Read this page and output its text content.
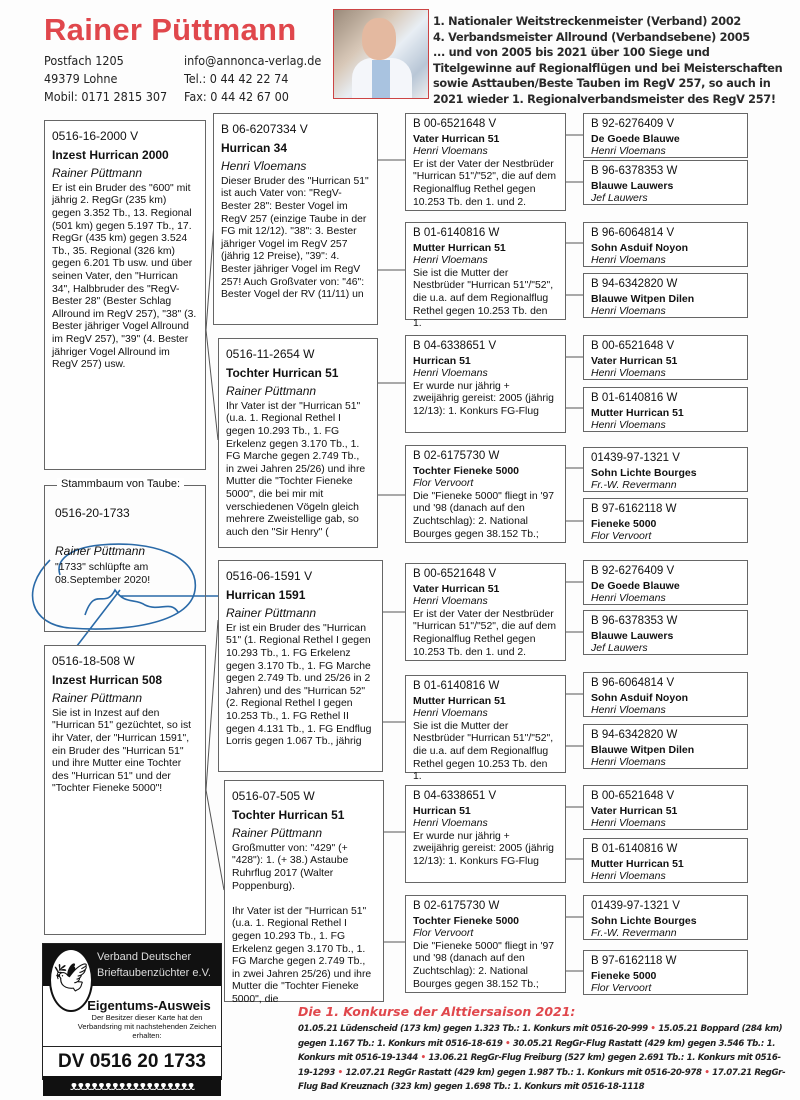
Rainer Püttmann
Postfach 1205
49379 Lohne
Mobil: 0171 2815 307
info@annonca-verlag.de
Tel.: 0 44 42 22 74
Fax: 0 44 42 67 00
1. Nationaler Weitstreckenmeister (Verband) 2002
4. Verbandsmeister Allround (Verbandsebene) 2005
... und von 2005 bis 2021 über 100 Siege und
Titelgewinne auf Regionalflügen und bei Meisterschaften
sowie Asttauben/Beste Tauben im RegV 257, so auch in
2021 wieder 1. Regionalverbandsmeister des RegV 257!
0516-16-2000 V
Inzest Hurrican 2000
Rainer Püttmann
Er ist ein Bruder des "600" mit jährig 2. RegGr (235 km) gegen 3.352 Tb., 13. Regional (501 km) gegen 5.197 Tb., 17. RegGr (435 km) gegen 3.524 Tb., 35. Regional (326 km) gegen 6.201 Tb usw. und über seinen Vater, den "Hurrican 34", Halbbruder des "RegV-Bester 28" (Bester Schlag Allround im RegV 257), "38" (3. Bester jähriger Vogel Allround im RegV 257), "39" (4. Bester jähriger Vogel Allround im RegV 257) usw.
0516-18-508 W
Inzest Hurrican 508
Rainer Püttmann
Sie ist in Inzest auf den "Hurrican 51" gezüchtet, so ist ihr Vater, der "Hurrican 1591", ein Bruder des "Hurrican 51" und ihre Mutter eine Tochter des "Hurrican 51" und der "Tochter Fieneke 5000"!
B 06-6207334 V
Hurrican 34
Henri Vloemans
Dieser Bruder des "Hurrican 51" ist auch Vater von: "RegV-Bester 28": Bester Vogel im RegV 257 (einzige Taube in der FG mit 12/12). "38": 3. Bester jähriger Vogel im RegV 257 (jährig 12 Preise), "39": 4. Bester jähriger Vogel im RegV 257! Auch Großvater von: "46": Bester Vogel der RV (11/11) un
0516-11-2654 W
Tochter Hurrican 51
Rainer Püttmann
Ihr Vater ist der "Hurrican 51" (u.a. 1. Regional Rethel I gegen 10.293 Tb., 1. FG Erkelenz gegen 3.170 Tb., 1. FG Marche gegen 2.749 Tb., in zwei Jahren 25/26) und ihre Mutter die "Tochter Fieneke 5000", die bei mir mit verschiedenen Vögeln gleich mehrere Zweistellige gab, so auch den "Sir Henry" (
0516-06-1591 V
Hurrican 1591
Rainer Püttmann
Er ist ein Bruder des "Hurrican 51" (1. Regional Rethel I gegen 10.293 Tb., 1. FG Erkelenz gegen 3.170 Tb., 1. FG Marche gegen 2.749 Tb. und 25/26 in 2 Jahren) und des "Hurrican 52" (2. Regional Rethel I gegen 10.253 Tb., 1. FG Rethel II gegen 4.131 Tb., 1. FG Endflug Lorris gegen 1.067 Tb., jährig
0516-07-505 W
Tochter Hurrican 51
Rainer Püttmann
Großmutter von: "429" (+ "428"): 1. (+ 38.) Astaube Ruhrflug 2017 (Walter Poppenburg).

Ihr Vater ist der "Hurrican 51" (u.a. 1. Regional Rethel I gegen 10.293 Tb., 1. FG Erkelenz gegen 3.170 Tb., 1. FG Marche gegen 2.749 Tb., in zwei Jahren 25/26) und ihre Mutter die "Tochter Fieneke 5000", die
B 00-6521648 V
Vater Hurrican 51
Henri Vloemans
Er ist der Vater der Nestbrüder "Hurrican 51"/"52", die auf dem Regionalflug Rethel gegen 10.253 Tb. den 1. und 2.
B 01-6140816 W
Mutter Hurrican 51
Henri Vloemans
Sie ist die Mutter der Nestbrüder "Hurrican 51"/"52", die u.a. auf dem Regionalflug Rethel gegen 10.253 Tb. den 1.
B 04-6338651 V
Hurrican 51
Henri Vloemans
Er wurde nur jährig + zweijährig gereist: 2005 (jährig 12/13): 1. Konkurs FG-Flug
B 02-6175730 W
Tochter Fieneke 5000
Flor Vervoort
Die "Fieneke 5000" fliegt in '97 und '98 (danach auf den Zuchtschlag): 2. National Bourges gegen 38.152 Tb.;
B 00-6521648 V
Vater Hurrican 51
Henri Vloemans
Er ist der Vater der Nestbrüder "Hurrican 51"/"52", die auf dem Regionalflug Rethel gegen 10.253 Tb. den 1. und 2.
B 01-6140816 W
Mutter Hurrican 51
Henri Vloemans
Sie ist die Mutter der Nestbrüder "Hurrican 51"/"52", die u.a. auf dem Regionalflug Rethel gegen 10.253 Tb. den 1.
B 04-6338651 V
Hurrican 51
Henri Vloemans
Er wurde nur jährig + zweijährig gereist: 2005 (jährig 12/13): 1. Konkurs FG-Flug
B 02-6175730 W
Tochter Fieneke 5000
Flor Vervoort
Die "Fieneke 5000" fliegt in '97 und '98 (danach auf den Zuchtschlag): 2. National Bourges gegen 38.152 Tb.;
B 92-6276409 V
De Goede Blauwe
Henri Vloemans
B 96-6378353 W
Blauwe Lauwers
Jef Lauwers
B 96-6064814 V
Sohn Asduif Noyon
Henri Vloemans
B 94-6342820 W
Blauwe Witpen Dilen
Henri Vloemans
B 00-6521648 V
Vater Hurrican 51
Henri Vloemans
B 01-6140816 W
Mutter Hurrican 51
Henri Vloemans
01439-97-1321 V
Sohn Lichte Bourges
Fr.-W. Revermann
B 97-6162118 W
Fieneke 5000
Flor Vervoort
B 92-6276409 V
De Goede Blauwe
Henri Vloemans
B 96-6378353 W
Blauwe Lauwers
Jef Lauwers
B 96-6064814 V
Sohn Asduif Noyon
Henri Vloemans
B 94-6342820 W
Blauwe Witpen Dilen
Henri Vloemans
B 00-6521648 V
Vater Hurrican 51
Henri Vloemans
B 01-6140816 W
Mutter Hurrican 51
Henri Vloemans
01439-97-1321 V
Sohn Lichte Bourges
Fr.-W. Revermann
B 97-6162118 W
Fieneke 5000
Flor Vervoort
Stammbaum von Taube:
0516-20-1733
Rainer Püttmann
"1733" schlüpfte am 08.September 2020!
🕊
Verband Deutscher
Brieftaubenzüchter e.V.
Eigentums-Ausweis
Der Besitzer dieser Karte hat den Verbandsring mit nachstehenden Zeichen erhalten:
DV 0516 20 1733
ᴥᴥᴥᴥᴥᴥᴥᴥᴥᴥᴥᴥᴥᴥᴥᴥᴥᴥ
Die 1. Konkurse der Alttiersaison 2021:
01.05.21 Lüdenscheid (173 km) gegen 1.323 Tb.: 1. Konkurs mit 0516-20-999 • 15.05.21 Boppard (284 km) gegen 1.167 Tb.: 1. Konkurs mit 0516-18-619 • 30.05.21 RegGr-Flug Rastatt (429 km) gegen 3.546 Tb.: 1. Konkurs mit 0516-19-1344 • 13.06.21 RegGr-Flug Freiburg (527 km) gegen 2.691 Tb.: 1. Konkurs mit 0516-19-1293 • 12.07.21 RegGr Rastatt (429 km) gegen 1.987 Tb.: 1. Konkurs mit 0516-20-978 • 17.07.21 RegGr-Flug Bad Kreuznach (323 km) gegen 1.698 Tb.: 1. Konkurs mit 0516-18-1118
